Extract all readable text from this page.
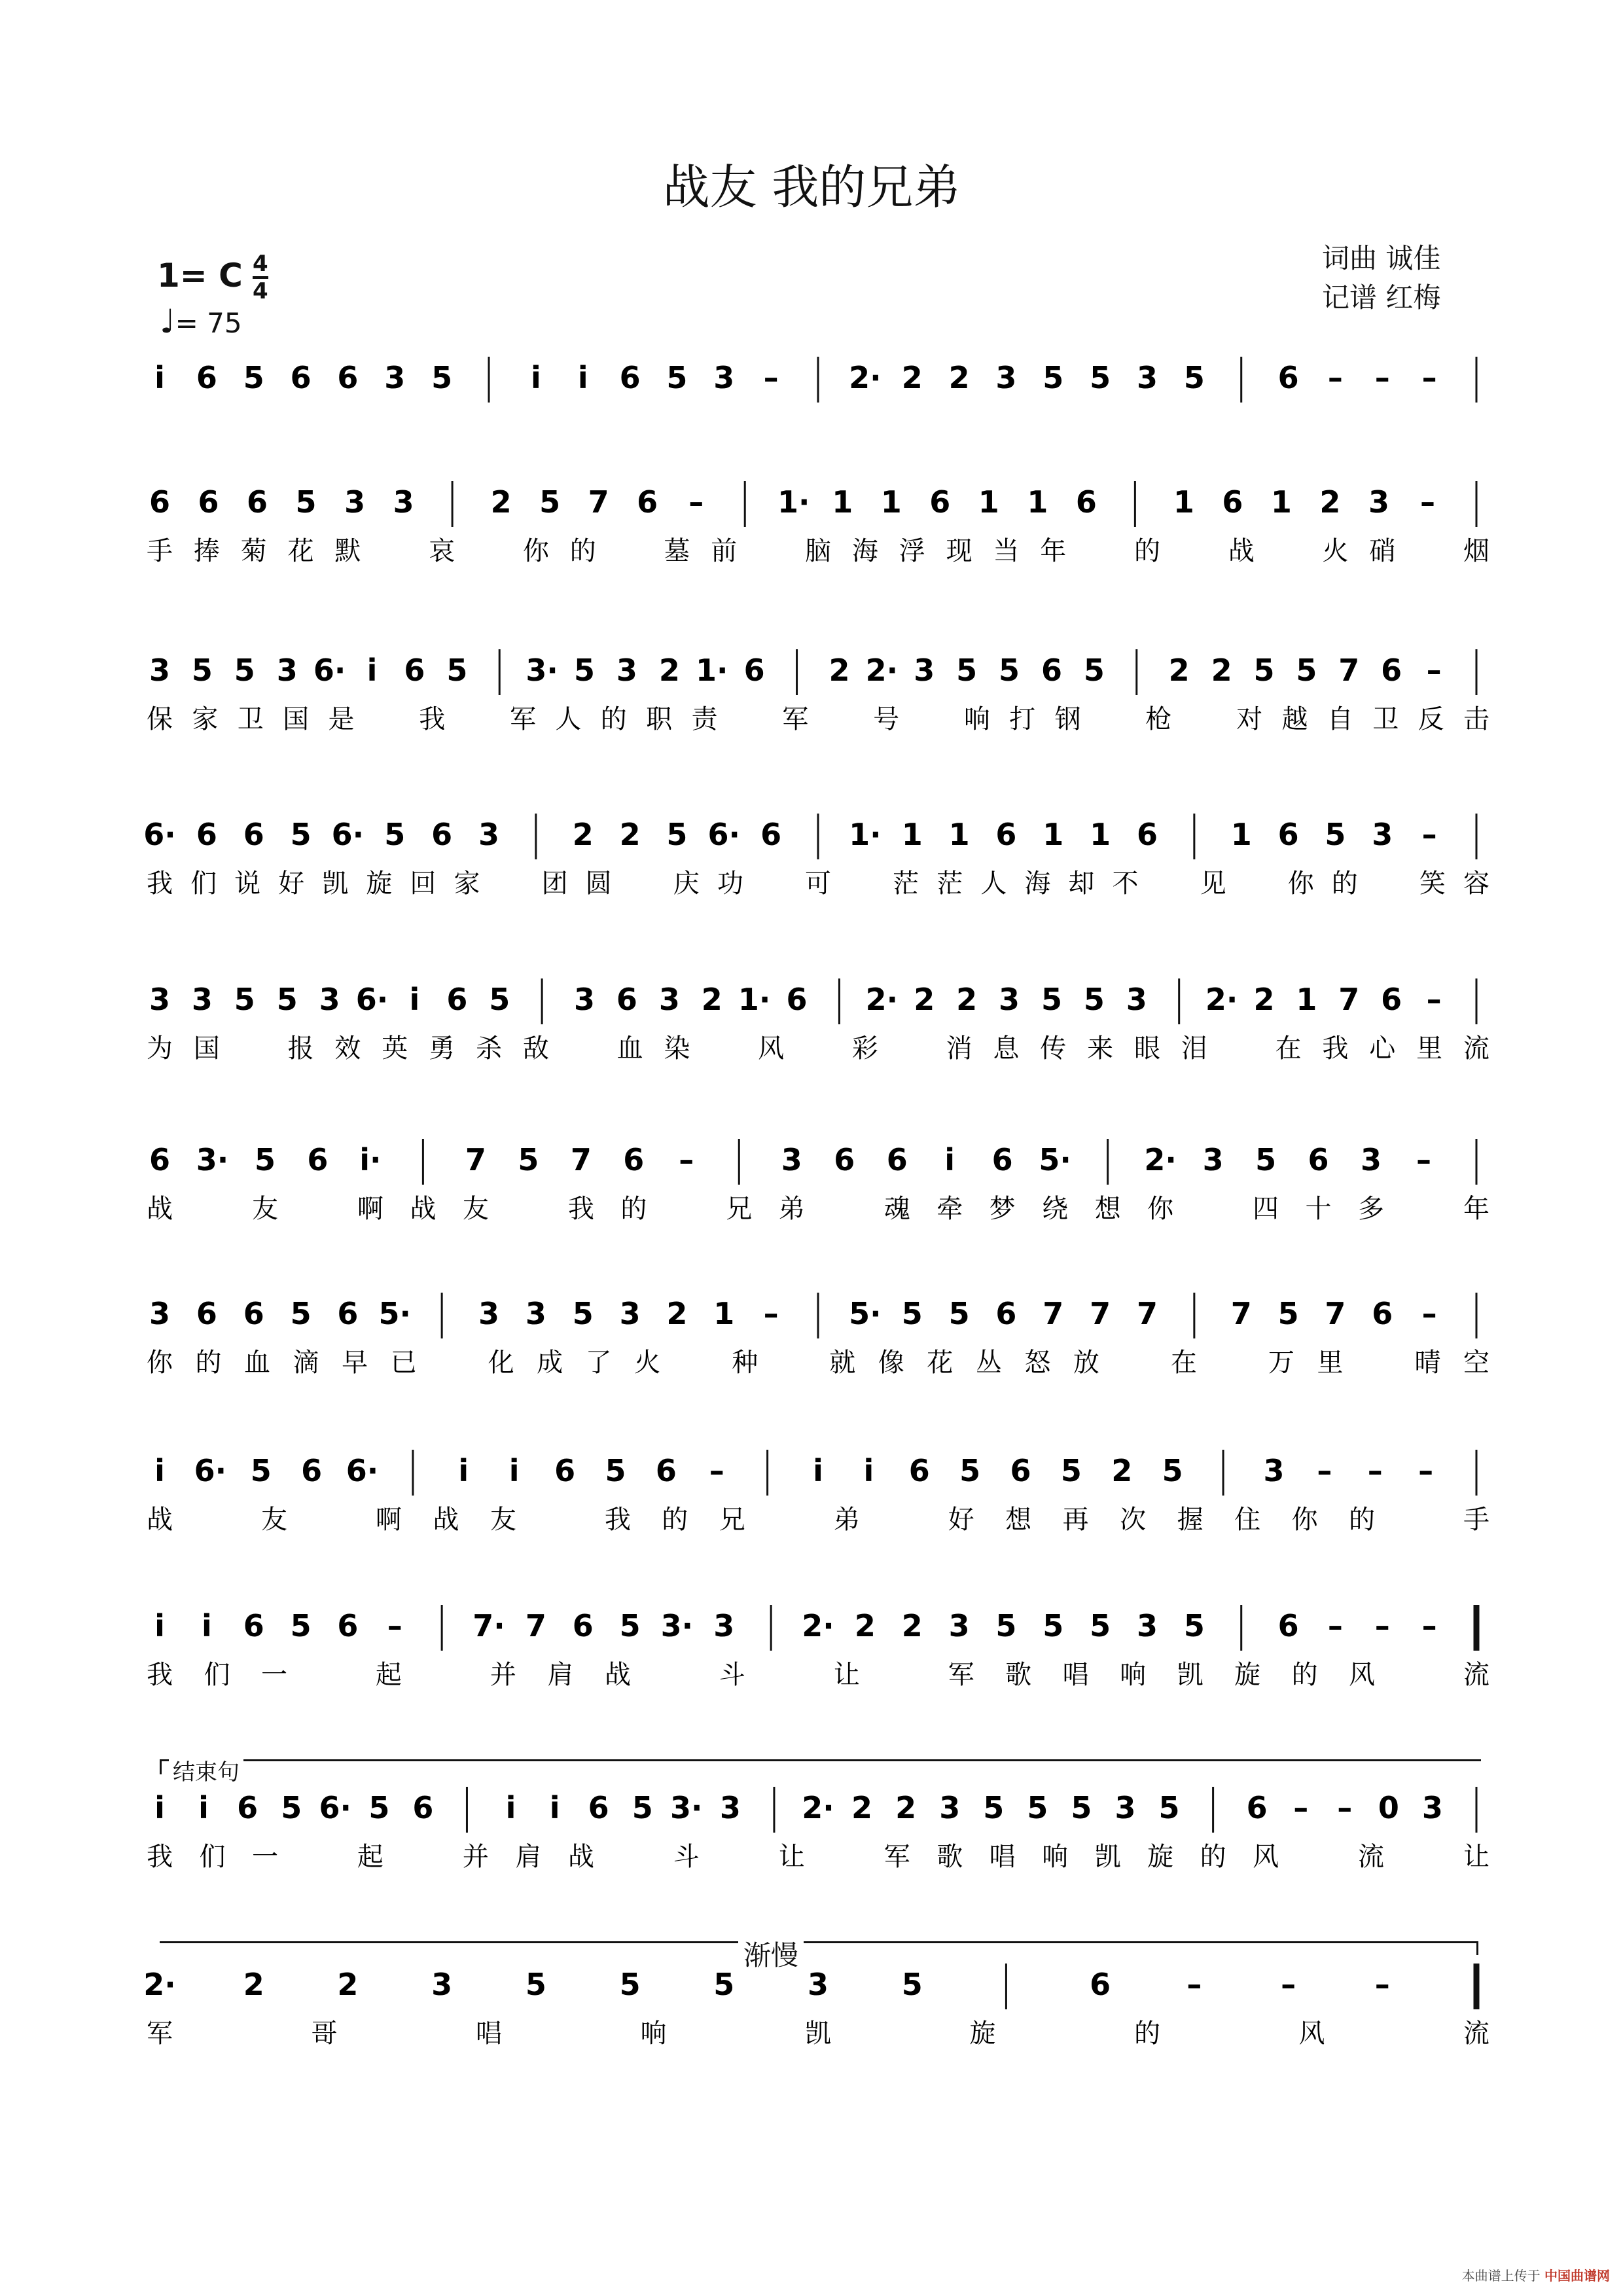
战友 我的兄弟
词曲 诚佳
记谱 红梅
1= C 4
4
♩= 75
i 6 5 6 6 3 5	i i 6 5 3 – 2· 2 2 3 5 5 3 5 6 – – –
6 6 6 5 3 3	2 5 7 6 – 1· 1 1 6 1 1 6	1 6 1 2 3 –
手 捧 菊 花 默	哀	你 的	墓 前	脑 海 浮 现 当 年	的	战	火 硝	烟
3 5 5 3 6· i 6 5 3· 5 3 2 1· 6 2 2· 3 5 5 6 5 2 2 5 5 7 6 –
保 家 卫 国 是 我 军 人 的 职 责 军 号 响 打 钢 枪 对 越 自 卫 反 击
6· 6 6 5 6· 5 6 3 2 2 5 6· 6 1· 1 1 6 1 1 6 1 6 5 3 –
我 们 说 好 凯 旋 回 家 团 圆 庆 功 可 茫 茫 人 海 却 不 见 你 的 笑 容
3 3 5 5 3 6· i 6 5 3 6 3 2 1· 6 2· 2 2 3 5 5 3 2· 2 1 7 6 –
为 国	报 效 英 勇 杀 敌	血 染	风	彩	消 息 传 来 眼 泪	在 我 心 里 流
6 3· 5 6 i·	7 5 7 6 –	3 6 6 i 6 5· 2· 3 5 6 3 –
战	友	啊 战 友	我 的	兄 弟	魂 牵 梦 绕 想 你	四 十 多	年
3 6 6 5 6 5· 3 3 5 3 2 1 – 5· 5 5 6 7 7 7 7 5 7 6 –
你 的 血 滴 早 已	化 成 了 火	种	就 像 花 丛 怒 放	在	万 里	晴 空
i 6· 5 6 6·	i i 6 5 6 –	i i 6 5 6 5 2 5	3 – – –
战	友	啊 战 友	我 的 兄	弟	好 想 再 次 握 住 你 的	手
i i 6 5 6 – 7· 7 6 5 3· 3 2· 2 2 3 5 5 5 3 5 6 – – –
我 们 一	起	并 肩 战	斗	让	军 歌 唱 响 凯 旋 的 风	流
i i 6 5 6· 5 6 i i 6 5 3· 3 2· 2 2 3 5 5 5 3 5 6 – – 0 3
我 们 一	起	并 肩 战	斗	让	军 歌 唱 响 凯 旋 的 风	流	让
2· 2 2 3 5 5 5 3 5	6	–	–	–
军	哥	唱	响	凯	旋	的	风	流
结束句
渐慢
本曲谱上传于 中国曲谱网
